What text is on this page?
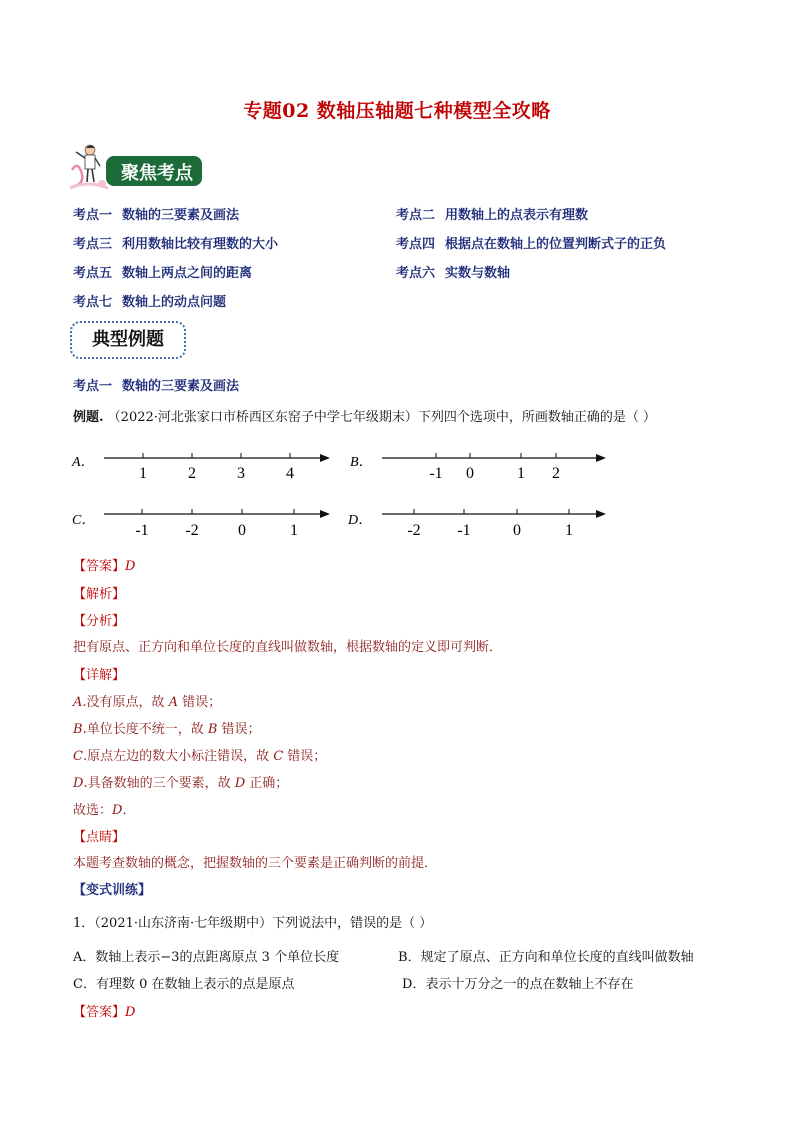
专题02 数轴压轴题七种模型全攻略
聚焦考点
考点一 数轴的三要素及画法	考点二 用数轴上的点表示有理数
考点三 利用数轴比较有理数的大小	考点四 根据点在数轴上的位置判断式子的正负
考点五 数轴上两点之间的距离	考点六 实数与数轴
考点七 数轴上的动点问题
典型例题
考点一 数轴的三要素及画法
例题. （2022·河北张家口市桥西区东窑子中学七年级期末）下列四个选项中，所画数轴正确的是（ ）
A．
1	2	3	4
B．
-1 0	1 2
C．
-1 -2 0	1
D．
-2 -1	0	1
【答案】D
【解析】
【分析】
把有原点、正方向和单位长度的直线叫做数轴，根据数轴的定义即可判断．
【详解】
A.没有原点，故 A 错误；
B.单位长度不统一，故 B 错误；
C.原点左边的数大小标注错误，故 C 错误；
D.具备数轴的三个要素，故 D 正确；
故选：D．
【点睛】
本题考查数轴的概念，把握数轴的三个要素是正确判断的前提．
【变式训练】
1．（2021·山东济南·七年级期中）下列说法中，错误的是（ ）
A．数轴上表示−3的点距离原点 3 个单位长度	B．规定了原点、正方向和单位长度的直线叫做数轴
C．有理数 0 在数轴上表示的点是原点	D．表示十万分之一的点在数轴上不存在
【答案】D
